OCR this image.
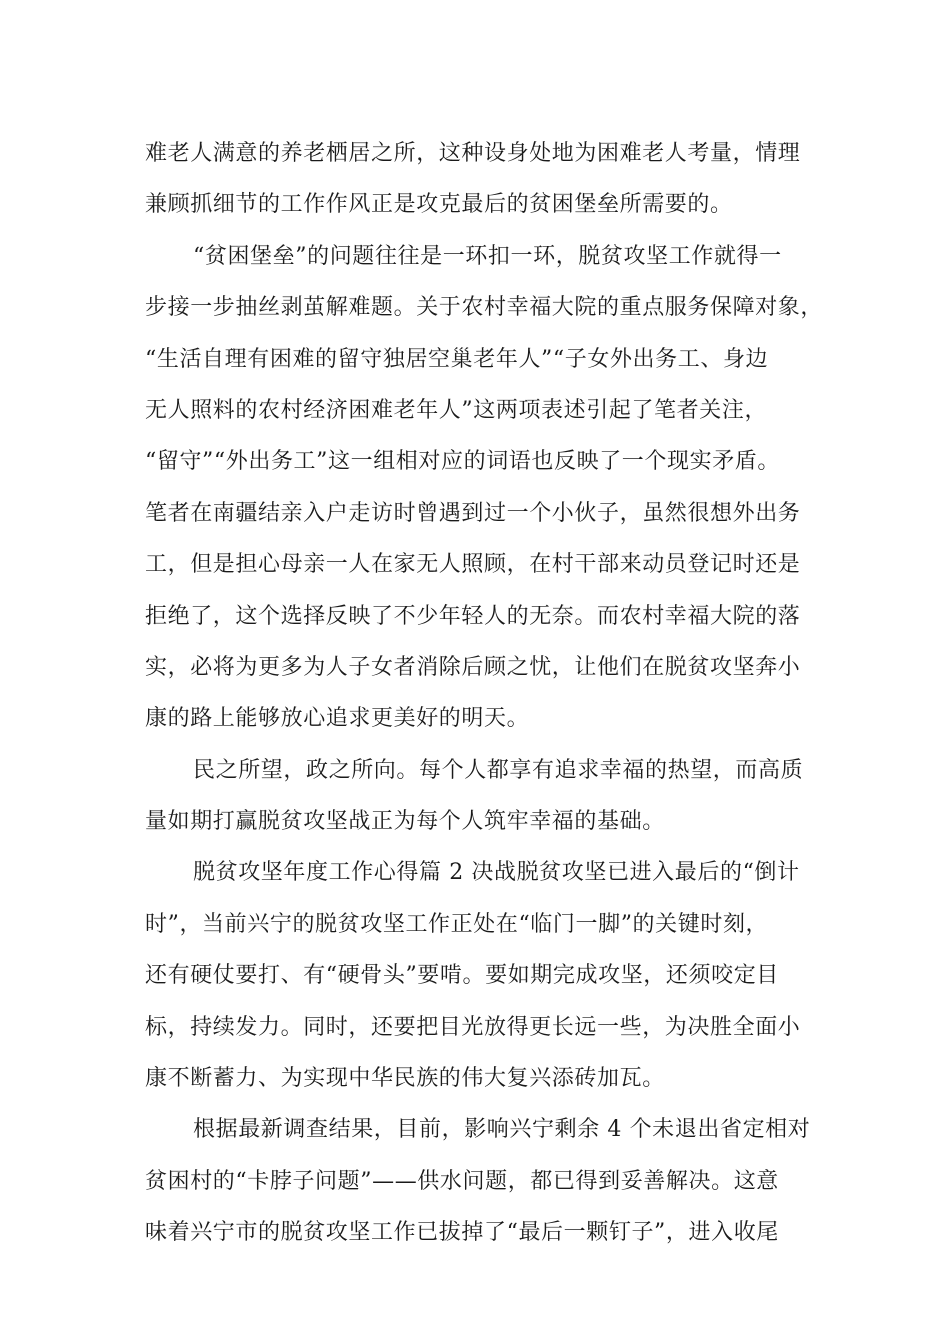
难老人满意的养老栖居之所，这种设身处地为困难老人考量，情理
兼顾抓细节的工作作风正是攻克最后的贫困堡垒所需要的。
“贫困堡垒”的问题往往是一环扣一环，脱贫攻坚工作就得一
步接一步抽丝剥茧解难题。关于农村幸福大院的重点服务保障对象，
“生活自理有困难的留守独居空巢老年人”“子女外出务工、身边
无人照料的农村经济困难老年人”这两项表述引起了笔者关注，
“留守”“外出务工”这一组相对应的词语也反映了一个现实矛盾。
笔者在南疆结亲入户走访时曾遇到过一个小伙子，虽然很想外出务
工，但是担心母亲一人在家无人照顾，在村干部来动员登记时还是
拒绝了，这个选择反映了不少年轻人的无奈。而农村幸福大院的落
实，必将为更多为人子女者消除后顾之忧，让他们在脱贫攻坚奔小
康的路上能够放心追求更美好的明天。
民之所望，政之所向。每个人都享有追求幸福的热望，而高质
量如期打赢脱贫攻坚战正为每个人筑牢幸福的基础。
脱贫攻坚年度工作心得篇 2 决战脱贫攻坚已进入最后的“倒计
时”，当前兴宁的脱贫攻坚工作正处在“临门一脚”的关键时刻，
还有硬仗要打、有“硬骨头”要啃。要如期完成攻坚，还须咬定目
标，持续发力。同时，还要把目光放得更长远一些，为决胜全面小
康不断蓄力、为实现中华民族的伟大复兴添砖加瓦。
根据最新调查结果，目前，影响兴宁剩余 4 个未退出省定相对
贫困村的“卡脖子问题”——供水问题，都已得到妥善解决。这意
味着兴宁市的脱贫攻坚工作已拔掉了“最后一颗钉子”，进入收尾
